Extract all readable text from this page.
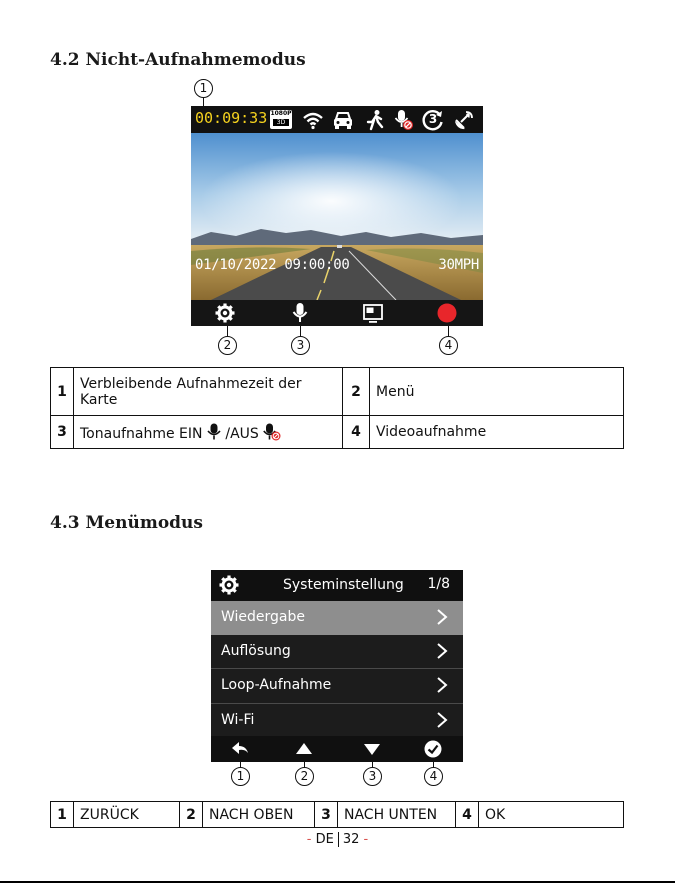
4.2 Nicht-Aufnahmemodus
1
00:09:33 1080P
3D	3
01/10/2022 09:00:00	30MPH
2	3	4
1	Verbleibende Aufnahmezeit der Karte	2	Menü
3	Tonaufnahme EIN /AUS	4	Videoaufnahme
4.3 Menümodus
Systeminstellung 1/8
Wiedergabe
Auflösung
Loop-Aufnahme
Wi-Fi
1	2	3	4
1	ZURÜCK	2	NACH OBEN	3	NACH UNTEN	4	OK
- DE 32 -
